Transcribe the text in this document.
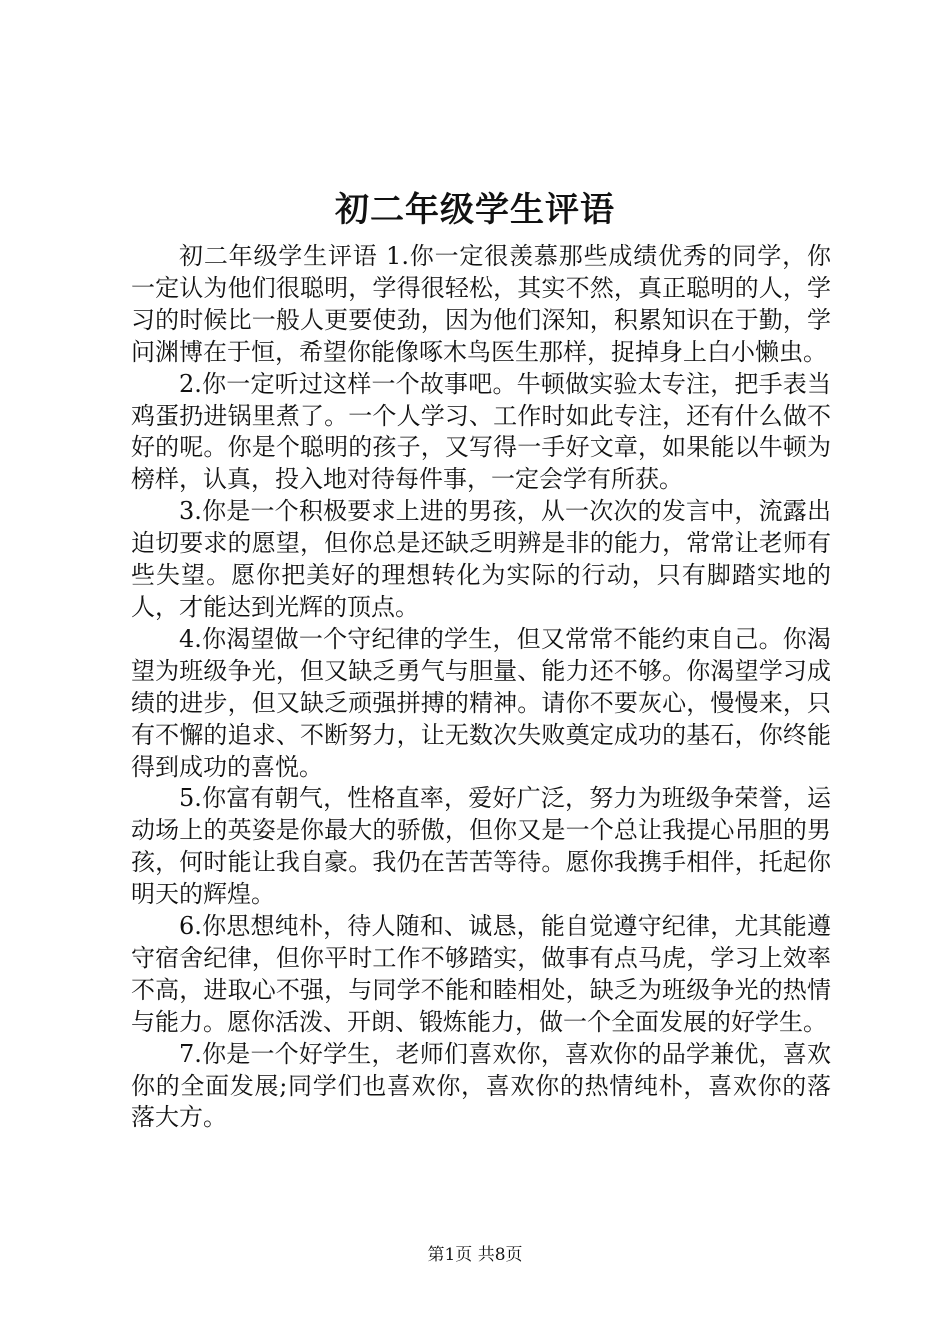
初二年级学生评语

初二年级学生评语 1.你一定很羡慕那些成绩优秀的同学，你一定认为他们很聪明，学得很轻松，其实不然，真正聪明的人，学习的时候比一般人更要使劲，因为他们深知，积累知识在于勤，学问渊博在于恒，希望你能像啄木鸟医生那样，捉掉身上白小懒虫。

2.你一定听过这样一个故事吧。牛顿做实验太专注，把手表当鸡蛋扔进锅里煮了。一个人学习、工作时如此专注，还有什么做不好的呢。你是个聪明的孩子，又写得一手好文章，如果能以牛顿为榜样，认真，投入地对待每件事，一定会学有所获。

3.你是一个积极要求上进的男孩，从一次次的发言中，流露出迫切要求的愿望，但你总是还缺乏明辨是非的能力，常常让老师有些失望。愿你把美好的理想转化为实际的行动，只有脚踏实地的人，才能达到光辉的顶点。

4.你渴望做一个守纪律的学生，但又常常不能约束自己。你渴望为班级争光，但又缺乏勇气与胆量、能力还不够。你渴望学习成绩的进步，但又缺乏顽强拼搏的精神。请你不要灰心，慢慢来，只有不懈的追求、不断努力，让无数次失败奠定成功的基石，你终能得到成功的喜悦。

5.你富有朝气，性格直率，爱好广泛，努力为班级争荣誉，运动场上的英姿是你最大的骄傲，但你又是一个总让我提心吊胆的男孩，何时能让我自豪。我仍在苦苦等待。愿你我携手相伴，托起你明天的辉煌。

6.你思想纯朴，待人随和、诚恳，能自觉遵守纪律，尤其能遵守宿舍纪律，但你平时工作不够踏实，做事有点马虎，学习上效率不高，进取心不强，与同学不能和睦相处，缺乏为班级争光的热情与能力。愿你活泼、开朗、锻炼能力，做一个全面发展的好学生。

7.你是一个好学生，老师们喜欢你，喜欢你的品学兼优，喜欢你的全面发展;同学们也喜欢你，喜欢你的热情纯朴，喜欢你的落落大方。

第1页 共8页
